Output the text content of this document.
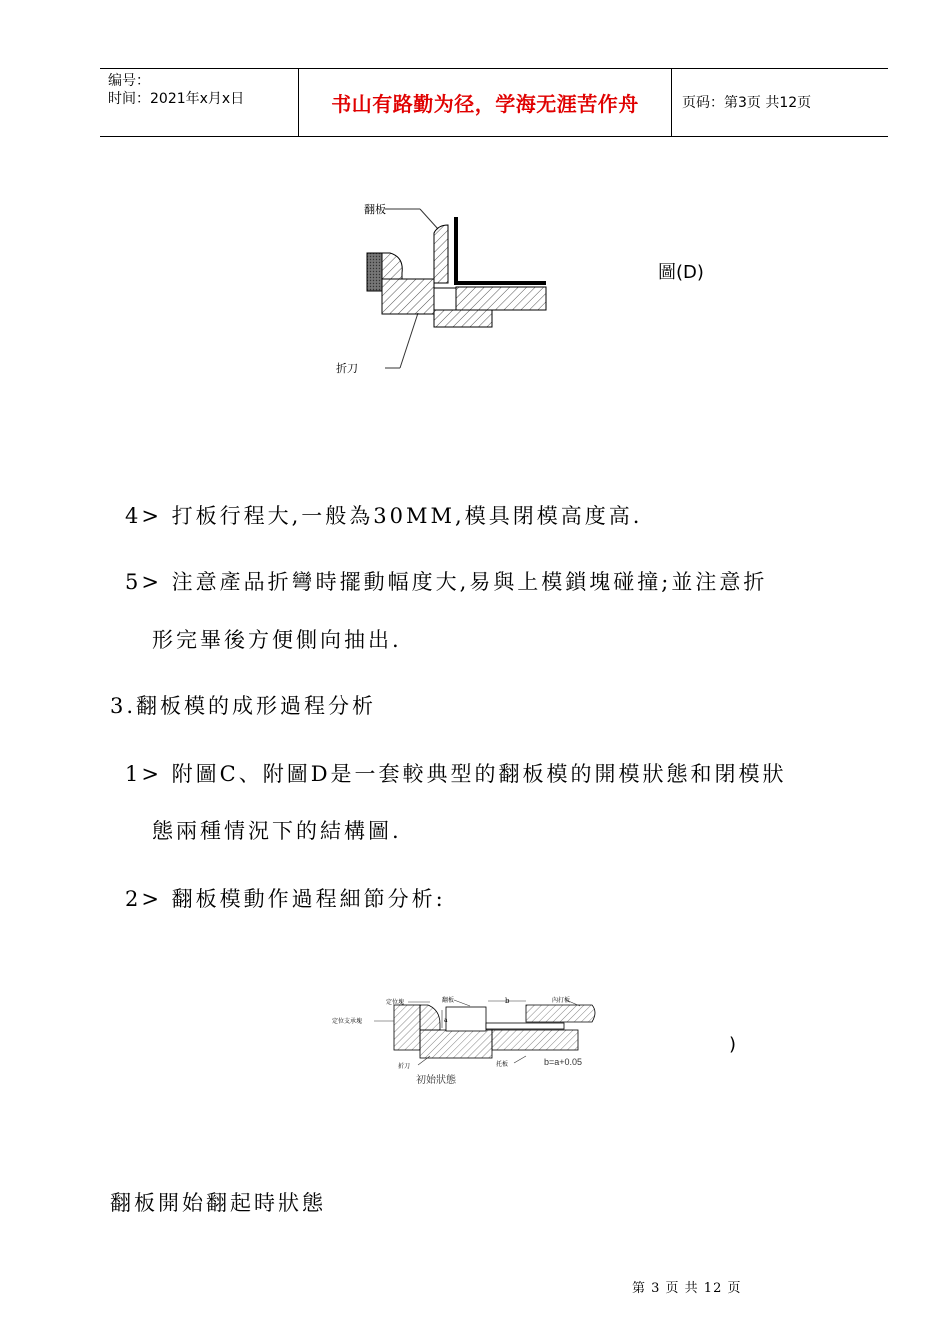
编号：
时间：2021年x月x日	书山有路勤为径，学海无涯苦作舟	页码：第3页 共12页
翻板
折刀
圖(D)
4> 打板行程大,一般為30MM,模具閉模高度高.
5> 注意產品折彎時擺動幅度大,易與上模鎖塊碰撞;並注意折
形完畢後方便側向抽出.
3.翻板模的成形過程分析
1> 附圖C、附圖D是一套較典型的翻板模的開模狀態和閉模狀
態兩種情況下的結構圖.
2> 翻板模動作過程細節分析:
定位塊	翻板	b	內打板
定位支承塊	a
折刀	托板	b=a+0.05
初始狀態
)
翻板開始翻起時狀態
第 3 页 共 12 页
